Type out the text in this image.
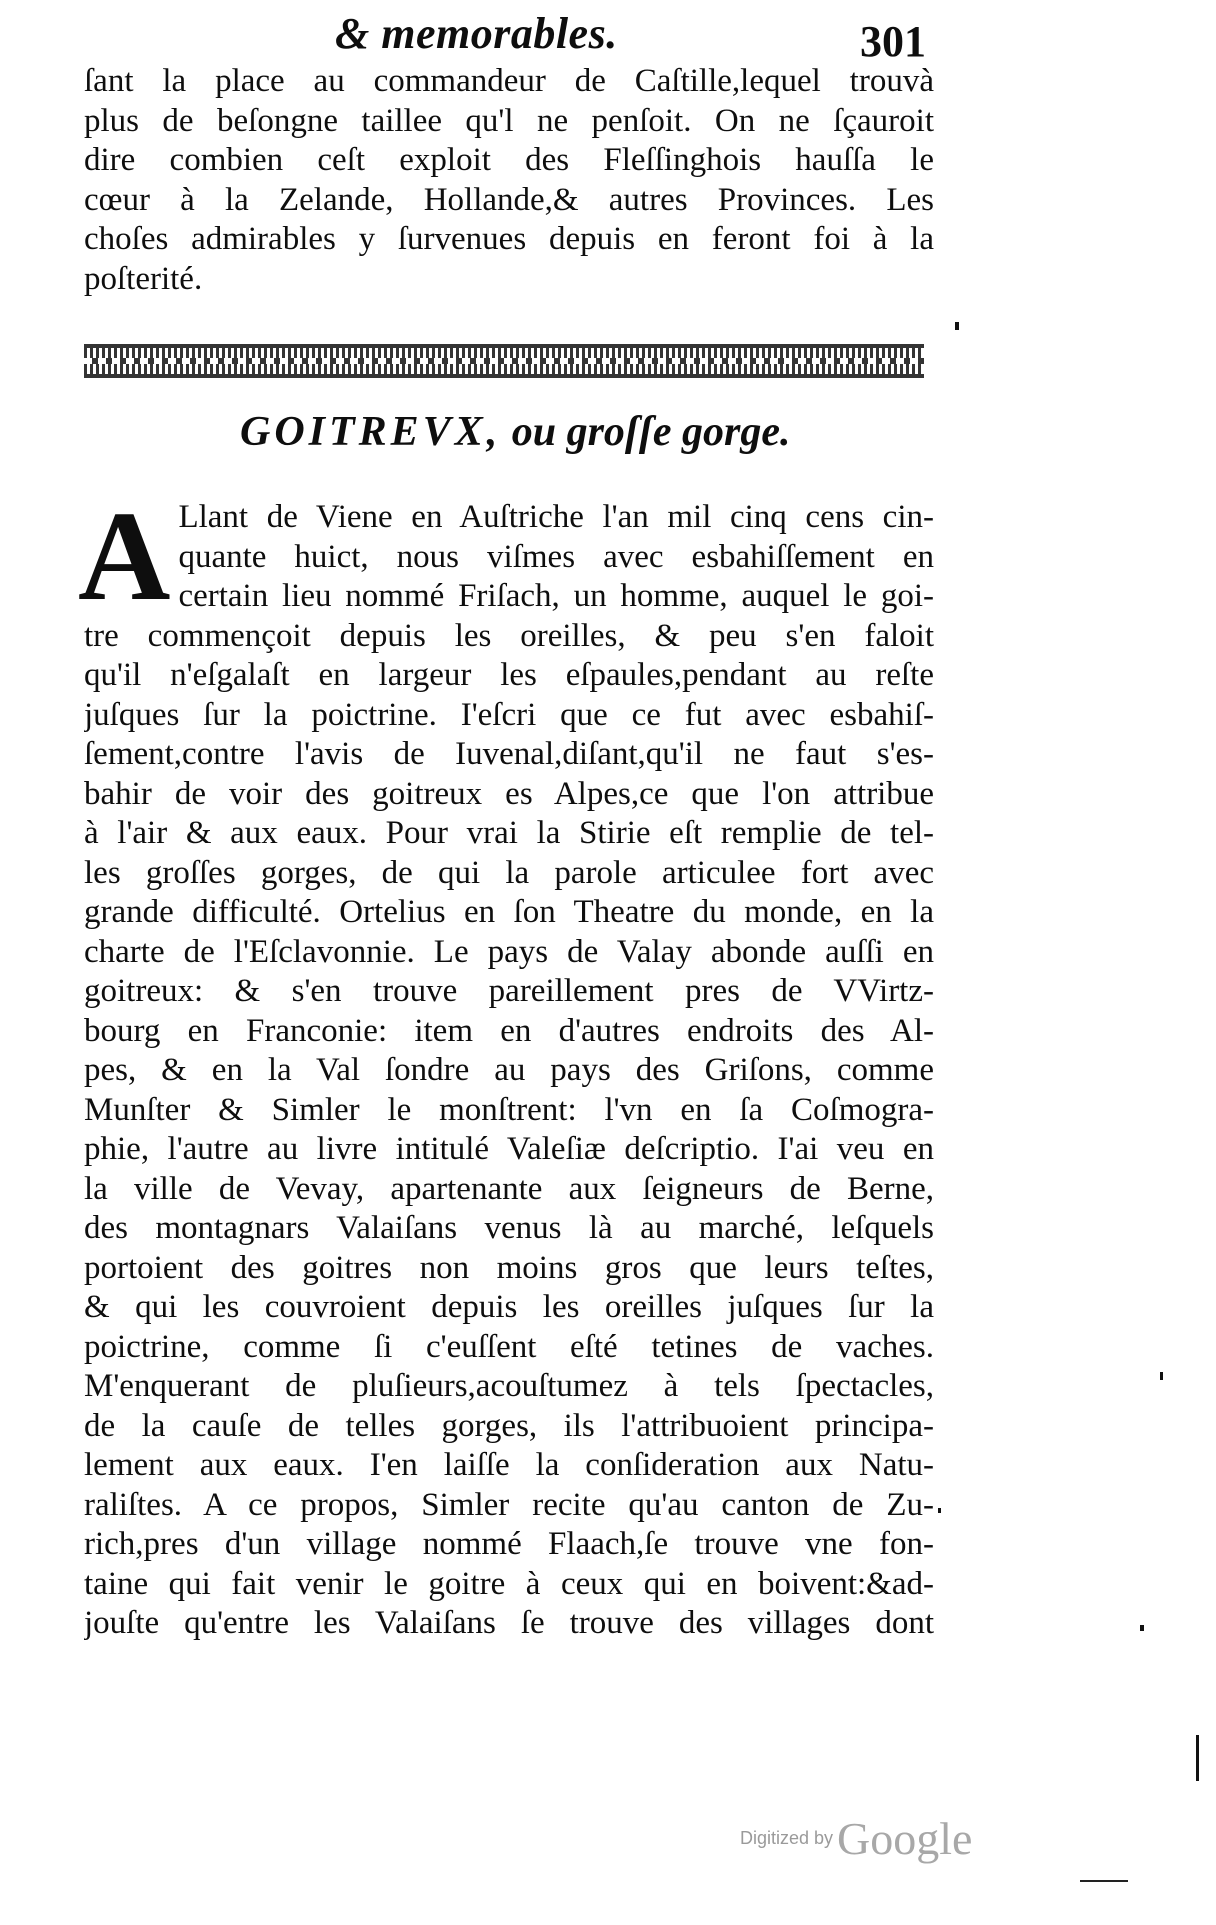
& memorables.	301
ſant la place au commandeur de Caſtille,lequel trouvà
plus de beſongne taillee qu'l ne penſoit. On ne ſçauroit
dire combien ceſt exploit des Fleſſinghois hauſſa le
cœur à la Zelande, Hollande,& autres Provinces. Les
choſes admirables y ſurvenues depuis en feront foi à la
poſterité.
GOITREVX, ou groſſe gorge.
A Llant de Viene en Auſtriche l'an mil cinq cens cin-
quante huict, nous viſmes avec esbahiſſement en
certain lieu nommé Friſach, un homme, auquel le goi-
tre commençoit depuis les oreilles, & peu s'en faloit
qu'il n'eſgalaſt en largeur les eſpaules,pendant au reſte
juſques ſur la poictrine. I'eſcri que ce fut avec esbahiſ-
ſement,contre l'avis de Iuvenal,diſant,qu'il ne faut s'es-
bahir de voir des goitreux es Alpes,ce que l'on attribue
à l'air & aux eaux. Pour vrai la Stirie eſt remplie de tel-
les groſſes gorges, de qui la parole articulee fort avec
grande difficulté. Ortelius en ſon Theatre du monde, en la
charte de l'Eſclavonnie. Le pays de Valay abonde auſſi en
goitreux: & s'en trouve pareillement pres de VVirtz-
bourg en Franconie: item en d'autres endroits des Al-
pes, & en la Val ſondre au pays des Griſons, comme
Munſter & Simler le monſtrent: l'vn en ſa Coſmogra-
phie, l'autre au livre intitulé Valeſiæ deſcriptio. I'ai veu en
la ville de Vevay, apartenante aux ſeigneurs de Berne,
des montagnars Valaiſans venus là au marché, leſquels
portoient des goitres non moins gros que leurs teſtes,
& qui les couvroient depuis les oreilles juſques ſur la
poictrine, comme ſi c'euſſent eſté tetines de vaches.
M'enquerant de pluſieurs,acouſtumez à tels ſpectacles,
de la cauſe de telles gorges, ils l'attribuoient principa-
lement aux eaux. I'en laiſſe la conſideration aux Natu-
raliſtes. A ce propos, Simler recite qu'au canton de Zu-
rich,pres d'un village nommé Flaach,ſe trouve vne fon-
taine qui fait venir le goitre à ceux qui en boivent:&ad-
jouſte qu'entre les Valaiſans ſe trouve des villages dont
Digitized by Google
